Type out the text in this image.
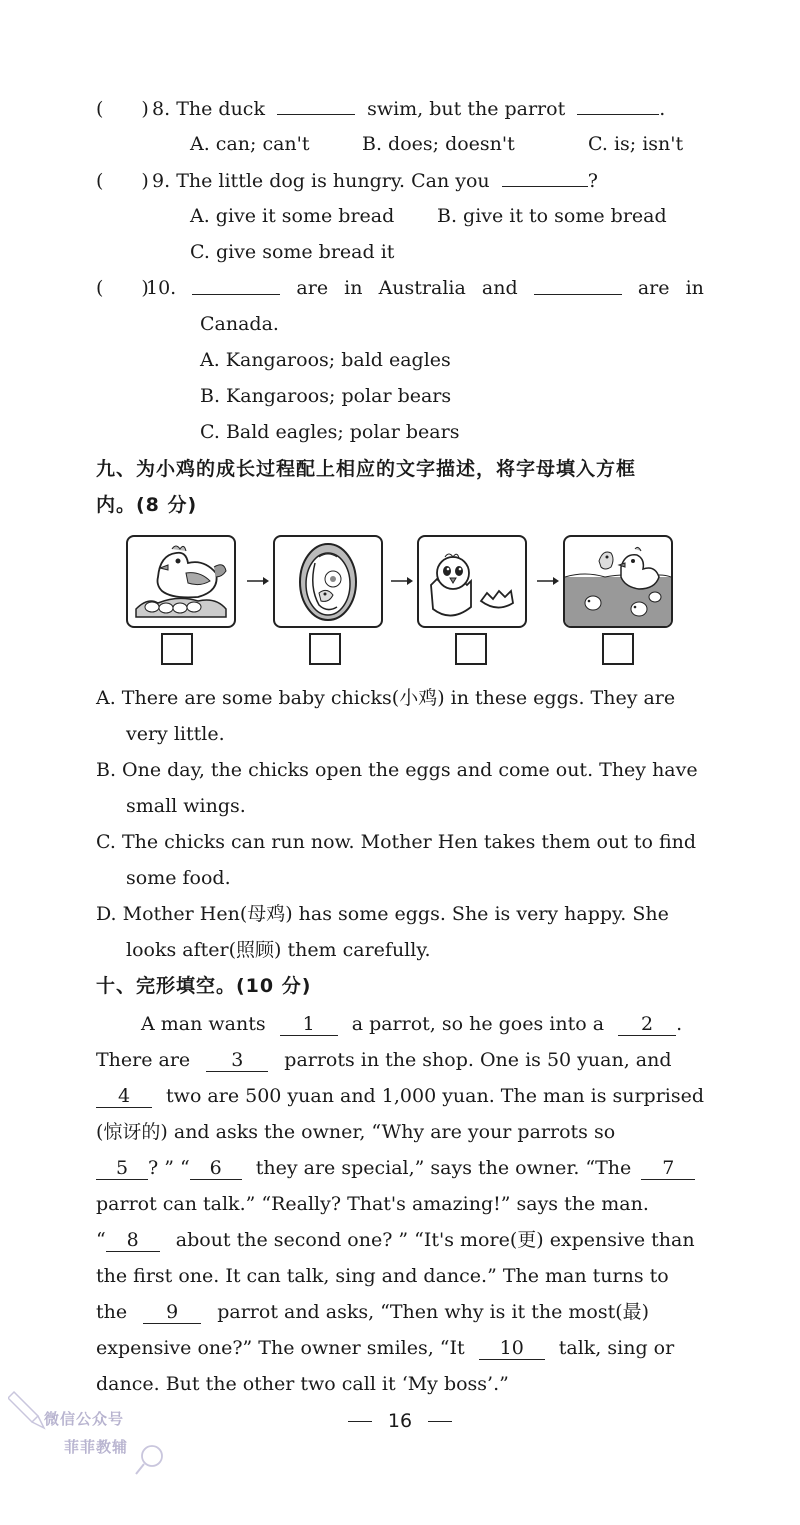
(　　) 8. The duck	swim, but the parrot	.
A. can; can't	B. does; doesn't	C. is; isn't
(　　) 9. The little dog is hungry. Can you	?
A. give it some bread B. give it to some bread
C. give some bread it
(　　)
10.	are in Australia and	are in
Canada.
A. Kangaroos; bald eagles
B. Kangaroos; polar bears
C. Bald eagles; polar bears
九、为小鸡的成长过程配上相应的文字描述，将字母填入方框
内。(8 分)
A. There are some baby chicks(小鸡) in these eggs. They are
very little.
B. One day, the chicks open the eggs and come out. They have
small wings.
C. The chicks can run now. Mother Hen takes them out to find
some food.
D. Mother Hen(母鸡) has some eggs. She is very happy. She
looks after(照顾) them carefully.
十、完形填空。(10 分)
A man wants 1 a parrot, so he goes into a 2 .
There are 3 parrots in the shop. One is 50 yuan, and
4 two are 500 yuan and 1,000 yuan. The man is surprised
(惊讶的) and asks the owner, “Why are your parrots so
5 ? ” “ 6 they are special,” says the owner. “The 7
parrot can talk.” “Really? That's amazing!” says the man.
“ 8 about the second one? ” “It's more(更) expensive than
the first one. It can talk, sing and dance.” The man turns to
the 9 parrot and asks, “Then why is it the most(最)
expensive one?” The owner smiles, “It 10 talk, sing or
dance. But the other two call it ‘My boss’.”
微信公众号
菲菲教辅
16
